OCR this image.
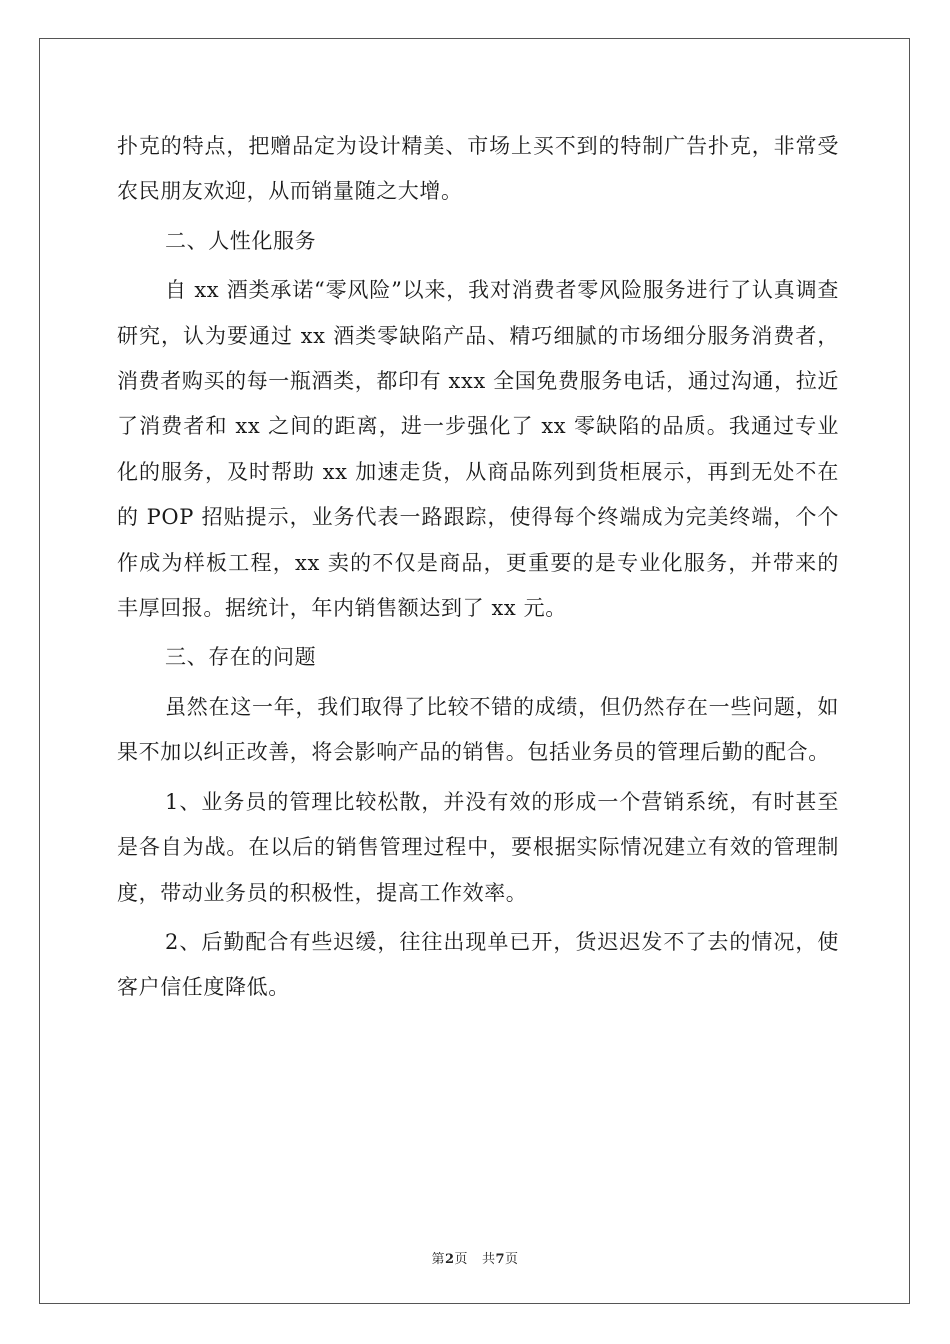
扑克的特点，把赠品定为设计精美、市场上买不到的特制广告扑克，非常受农民朋友欢迎，从而销量随之大增。

二、人性化服务

自 xx 酒类承诺“零风险”以来，我对消费者零风险服务进行了认真调查研究，认为要通过 xx 酒类零缺陷产品、精巧细腻的市场细分服务消费者，消费者购买的每一瓶酒类，都印有 xxx 全国免费服务电话，通过沟通，拉近了消费者和 xx 之间的距离，进一步强化了 xx 零缺陷的品质。我通过专业化的服务，及时帮助 xx 加速走货，从商品陈列到货柜展示，再到无处不在的 POP 招贴提示，业务代表一路跟踪，使得每个终端成为完美终端，个个作成为样板工程，xx 卖的不仅是商品，更重要的是专业化服务，并带来的丰厚回报。据统计，年内销售额达到了 xx 元。

三、存在的问题

虽然在这一年，我们取得了比较不错的成绩，但仍然存在一些问题，如果不加以纠正改善，将会影响产品的销售。包括业务员的管理后勤的配合。

1、业务员的管理比较松散，并没有效的形成一个营销系统，有时甚至是各自为战。在以后的销售管理过程中，要根据实际情况建立有效的管理制度，带动业务员的积极性，提高工作效率。

2、后勤配合有些迟缓，往往出现单已开，货迟迟发不了去的情况，使客户信任度降低。

第2页 共7页
